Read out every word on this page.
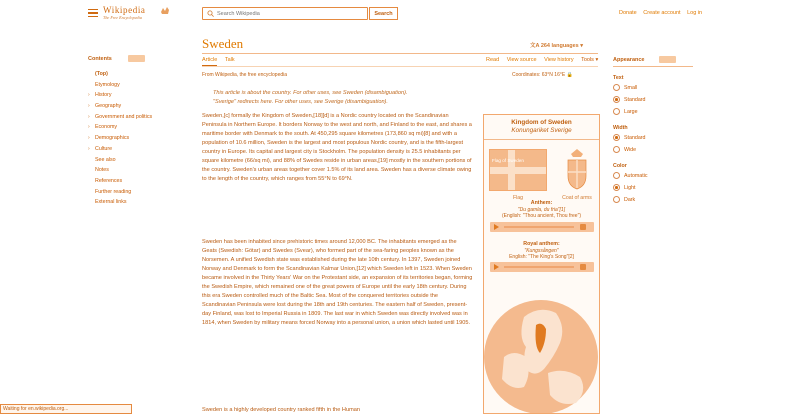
Wikipedia
The Free Encyclopedia
Search Wikipedia
Search	Donate Create account Log in
Contents
(Top)
Etymology
› History
› Geography
› Government and politics
› Economy
› Demographics
› Culture
See also
Notes
References
Further reading
External links
Sweden	文A 264 languages ▾
Article Talk	Read View source View history Tools ▾
From Wikipedia, the free encyclopedia	Coordinates: 63°N 16°E 🔒
This article is about the country. For other uses, see Sweden (disambiguation).
"Sverige" redirects here. For other uses, see Sverige (disambiguation).
Sweden,[c] formally the Kingdom of Sweden,[18][d] is a Nordic country located on the Scandinavian Peninsula in Northern Europe. It borders Norway to the west and north, and Finland to the east, and shares a maritime border with Denmark to the south. At 450,295 square kilometres (173,860 sq mi)[8] and with a population of 10.6 million, Sweden is the largest and most populous Nordic country, and is the fifth-largest country in Europe. Its capital and largest city is Stockholm. The population density is 25.5 inhabitants per square kilometre (66/sq mi), and 88% of Swedes reside in urban areas,[19] mostly in the southern portions of the country. Sweden's urban areas together cover 1.5% of its land area. Sweden has a diverse climate owing to the length of the country, which ranges from 55°N to 69°N.
Sweden has been inhabited since prehistoric times around 12,000 BC. The inhabitants emerged as the Geats (Swedish: Götar) and Swedes (Svear), who formed part of the sea-faring peoples known as the Norsemen. A unified Swedish state was established during the late 10th century. In 1397, Sweden joined Norway and Denmark to form the Scandinavian Kalmar Union,[12] which Sweden left in 1523. When Sweden became involved in the Thirty Years' War on the Protestant side, an expansion of its territories began, forming the Swedish Empire, which remained one of the great powers of Europe until the early 18th century. During this era Sweden controlled much of the Baltic Sea. Most of the conquered territories outside the Scandinavian Peninsula were lost during the 18th and 19th centuries. The eastern half of Sweden, present-day Finland, was lost to Imperial Russia in 1809. The last war in which Sweden was directly involved was in 1814, when Sweden by military means forced Norway into a personal union, a union which lasted until 1905.
Sweden is a highly developed country ranked fifth in the Human
Kingdom of Sweden
Konungariket Sverige
Flag of Sweden
Flag	Coat of arms
Anthem:
"Du gamla, du fria"[1]
(English: "Thou ancient, Thou free")
Royal anthem:
"Kungssången"
English: "The King's Song"[2]
Appearance
Text
Small
Standard
Large
Width
Standard
Wide
Color
Automatic
Light
Dark
Waiting for en.wikipedia.org...
